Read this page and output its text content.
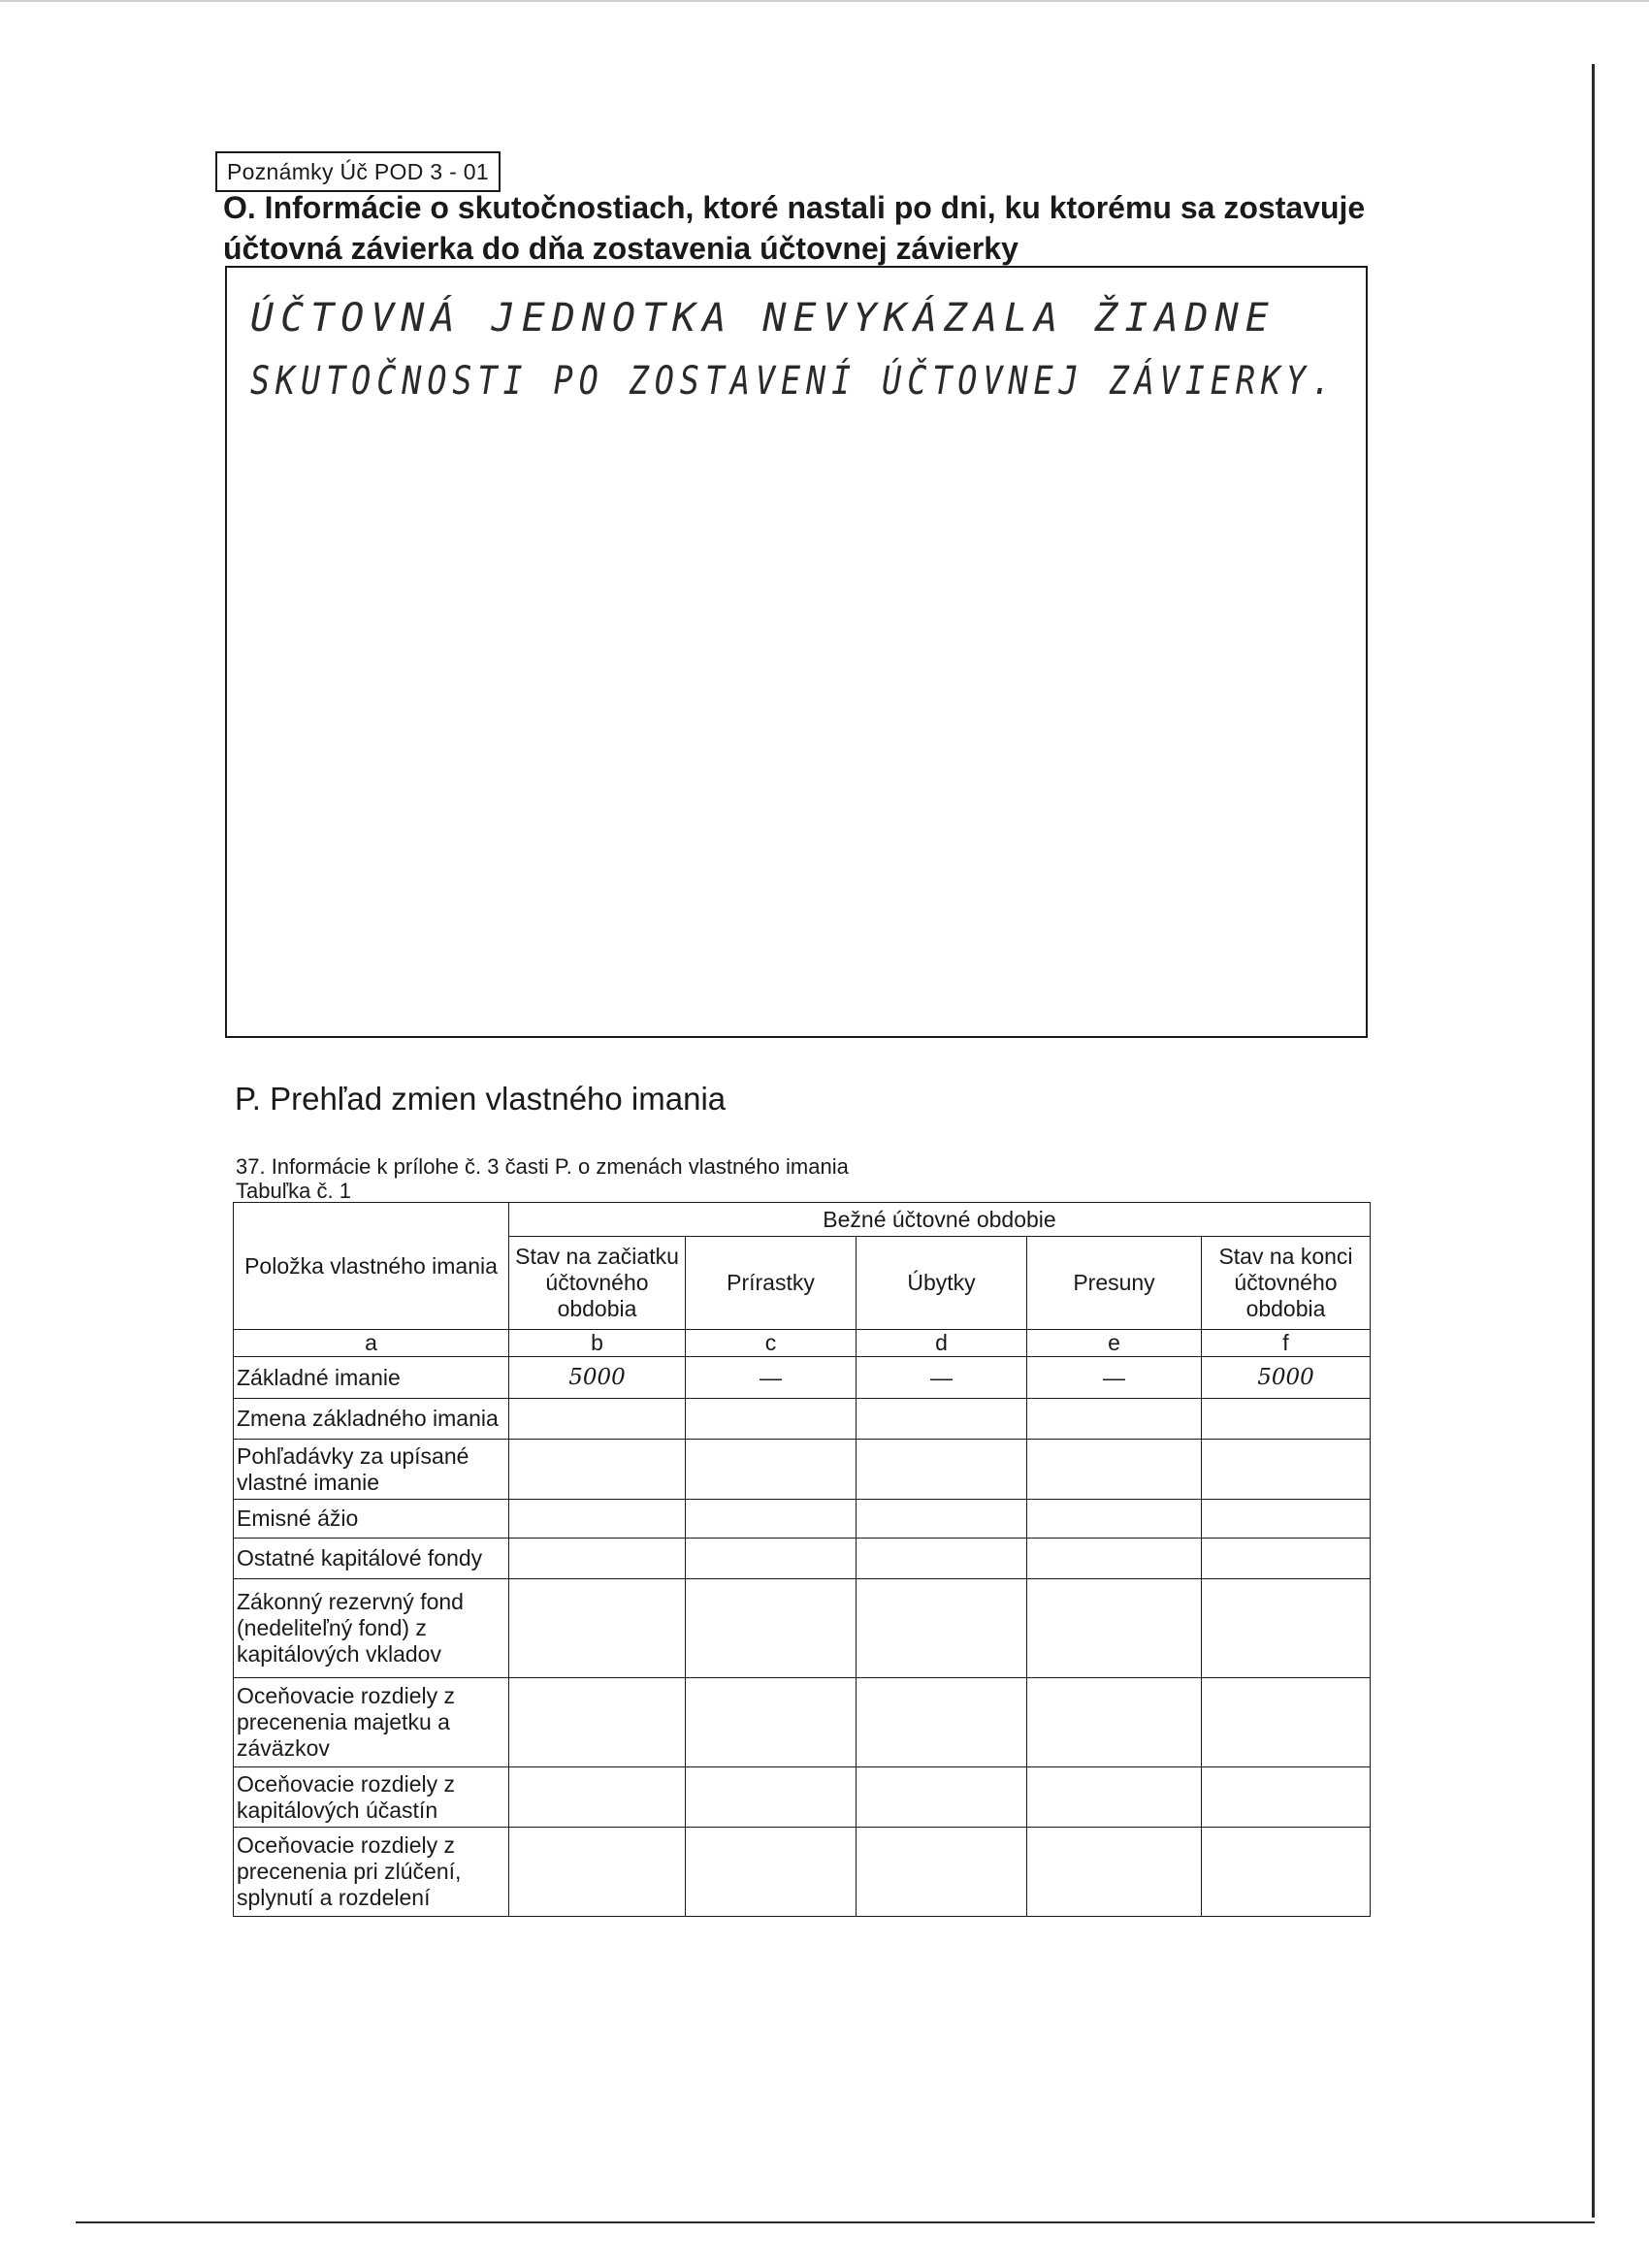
Poznámky Úč POD 3 - 01
O. Informácie o skutočnostiach, ktoré nastali po dni, ku ktorému sa zostavuje
účtovná závierka do dňa zostavenia účtovnej závierky
ÚČTOVNÁ JEDNOTKA NEVYKÁZALA ŽIADNE
SKUTOČNOSTI PO ZOSTAVENÍ ÚČTOVNEJ ZÁVIERKY.
P. Prehľad zmien vlastného imania
37. Informácie k prílohe č. 3 časti P. o zmenách vlastného imania
Tabuľka č. 1
Položka vlastného imania	Bežné účtovné obdobie				
	Stav na začiatku účtovného obdobia	Prírastky	Úbytky	Presuny	Stav na konci účtovného obdobia
a	b	c	d	e	f
Základné imanie	5000	—	—	—	5000
Zmena základného imania					
Pohľadávky za upísané vlastné imanie					
Emisné ážio					
Ostatné kapitálové fondy					
Zákonný rezervný fond (nedeliteľný fond) z kapitálových vkladov					
Oceňovacie rozdiely z precenenia majetku a záväzkov					
Oceňovacie rozdiely z kapitálových účastín					
Oceňovacie rozdiely z precenenia pri zlúčení, splynutí a rozdelení					
